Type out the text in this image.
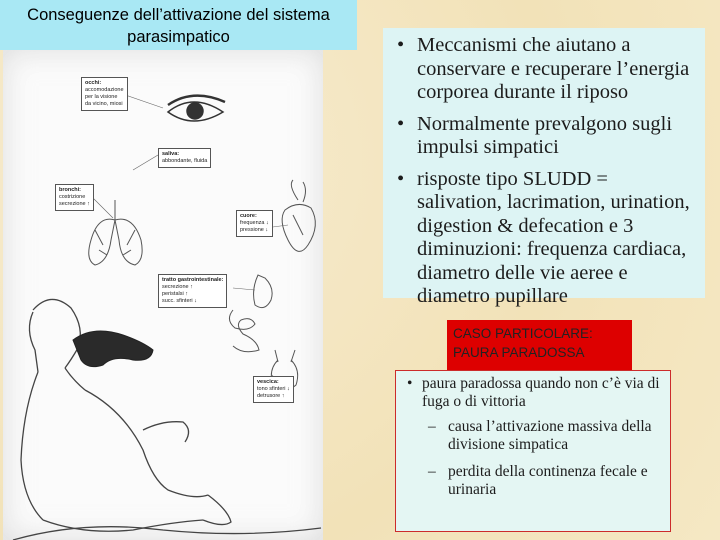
Conseguenze dell’attivazione del sistema
parasimpatico
occhi:
accomodazione
per la visione
da vicino, miosi
saliva:
abbondante, fluida
bronchi:
costrizione
secrezione ↑
cuore:
frequenza ↓
pressione ↓
tratto gastrointestinale:
secrezione ↑
peristalsi ↑
succ. sfinteri ↓
vescica:
tono sfinteri ↓
detrusore ↑
• Meccanismi che aiutano a conservare e recuperare l’energia corporea durante il riposo
• Normalmente prevalgono sugli impulsi simpatici
• risposte tipo SLUDD = salivation, lacrimation, urination, digestion & defecation e 3 diminuzioni: frequenza cardiaca, diametro delle vie aeree e diametro pupillare
CASO PARTICOLARE:
PAURA PARADOSSA
• paura paradossa quando non c’è via di fuga o di vittoria
– causa l’attivazione massiva della divisione simpatica
– perdita della continenza fecale e urinaria
